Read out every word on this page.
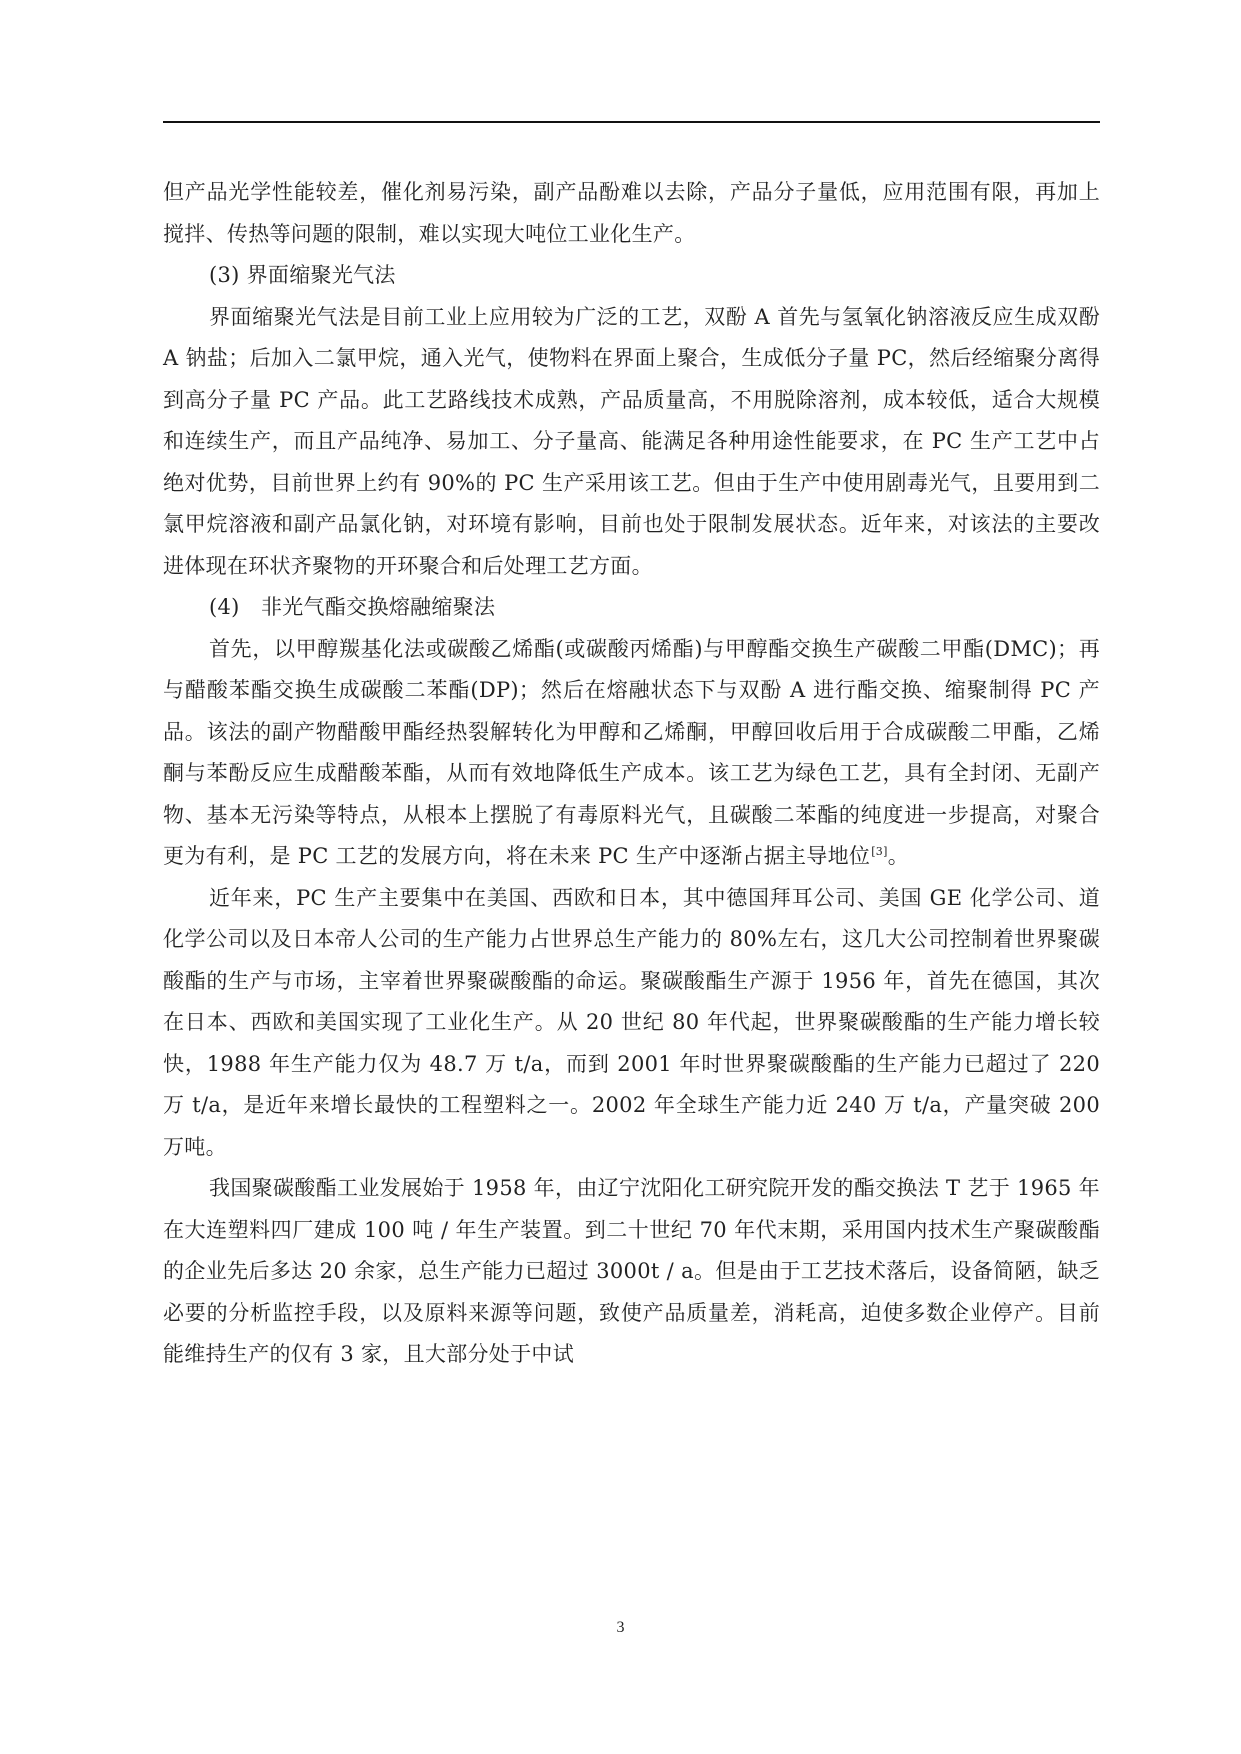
但产品光学性能较差，催化剂易污染，副产品酚难以去除，产品分子量低，应用范围有限，再加上搅拌、传热等问题的限制，难以实现大吨位工业化生产。

(3) 界面缩聚光气法

界面缩聚光气法是目前工业上应用较为广泛的工艺，双酚 A 首先与氢氧化钠溶液反应生成双酚 A 钠盐；后加入二氯甲烷，通入光气，使物料在界面上聚合，生成低分子量 PC，然后经缩聚分离得到高分子量 PC 产品。此工艺路线技术成熟，产品质量高，不用脱除溶剂，成本较低，适合大规模和连续生产，而且产品纯净、易加工、分子量高、能满足各种用途性能要求，在 PC 生产工艺中占绝对优势，目前世界上约有 90%的 PC 生产采用该工艺。但由于生产中使用剧毒光气，且要用到二氯甲烷溶液和副产品氯化钠，对环境有影响，目前也处于限制发展状态。近年来，对该法的主要改进体现在环状齐聚物的开环聚合和后处理工艺方面。

(4)　非光气酯交换熔融缩聚法

首先，以甲醇羰基化法或碳酸乙烯酯(或碳酸丙烯酯)与甲醇酯交换生产碳酸二甲酯(DMC)；再与醋酸苯酯交换生成碳酸二苯酯(DP)；然后在熔融状态下与双酚 A 进行酯交换、缩聚制得 PC 产品。该法的副产物醋酸甲酯经热裂解转化为甲醇和乙烯酮，甲醇回收后用于合成碳酸二甲酯，乙烯酮与苯酚反应生成醋酸苯酯，从而有效地降低生产成本。该工艺为绿色工艺，具有全封闭、无副产物、基本无污染等特点，从根本上摆脱了有毒原料光气，且碳酸二苯酯的纯度进一步提高，对聚合更为有利，是 PC 工艺的发展方向，将在未来 PC 生产中逐渐占据主导地位[3]。

近年来，PC 生产主要集中在美国、西欧和日本，其中德国拜耳公司、美国 GE 化学公司、道化学公司以及日本帝人公司的生产能力占世界总生产能力的 80%左右，这几大公司控制着世界聚碳酸酯的生产与市场，主宰着世界聚碳酸酯的命运。聚碳酸酯生产源于 1956 年，首先在德国，其次在日本、西欧和美国实现了工业化生产。从 20 世纪 80 年代起，世界聚碳酸酯的生产能力增长较快，1988 年生产能力仅为 48.7 万 t/a，而到 2001 年时世界聚碳酸酯的生产能力已超过了 220 万 t/a，是近年来增长最快的工程塑料之一。2002 年全球生产能力近 240 万 t/a，产量突破 200 万吨。

我国聚碳酸酯工业发展始于 1958 年，由辽宁沈阳化工研究院开发的酯交换法 T 艺于 1965 年在大连塑料四厂建成 100 吨 / 年生产装置。到二十世纪 70 年代末期，采用国内技术生产聚碳酸酯的企业先后多达 20 余家，总生产能力已超过 3000t / a。但是由于工艺技术落后，设备简陋，缺乏必要的分析监控手段，以及原料来源等问题，致使产品质量差，消耗高，迫使多数企业停产。目前能维持生产的仅有 3 家，且大部分处于中试

3
